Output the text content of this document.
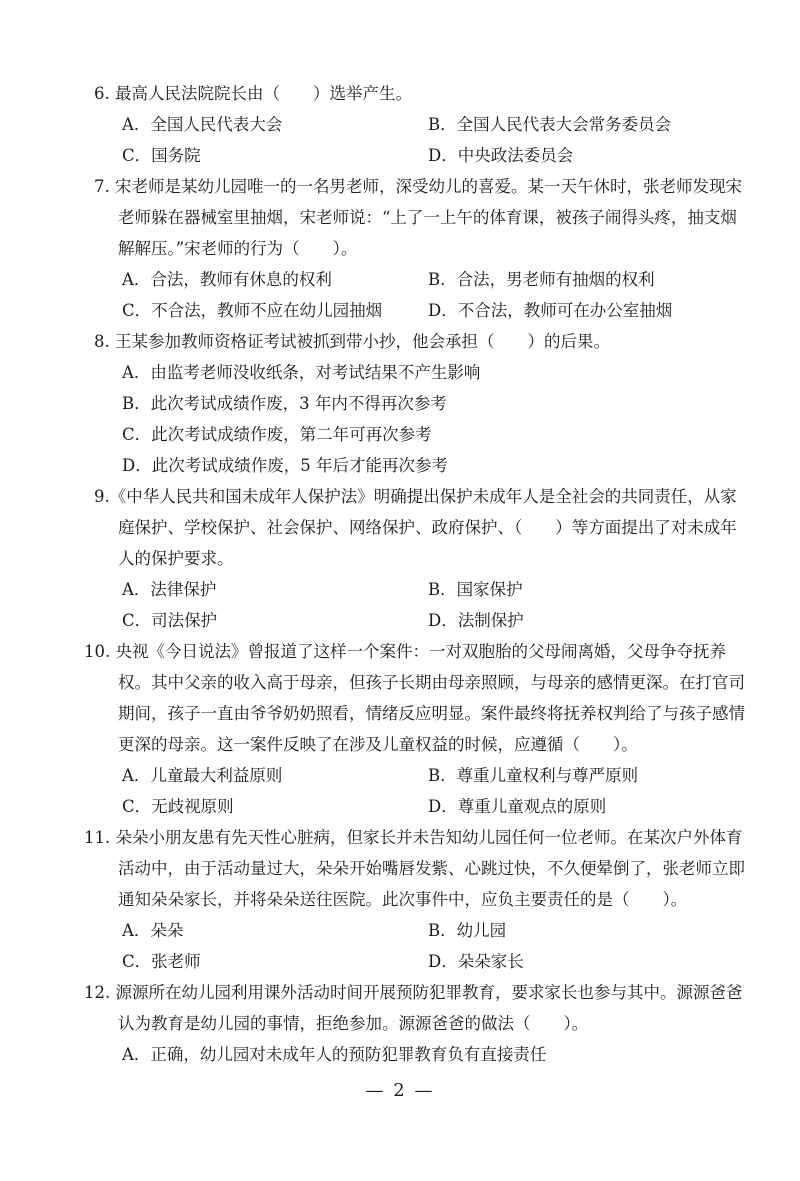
6. 最高人民法院院长由（　　）选举产生。
A．全国人民代表大会	B．全国人民代表大会常务委员会
C．国务院	D．中央政法委员会
7. 宋老师是某幼儿园唯一的一名男老师，深受幼儿的喜爱。某一天午休时，张老师发现宋
老师躲在器械室里抽烟，宋老师说：“上了一上午的体育课，被孩子闹得头疼，抽支烟
解解压。”宋老师的行为（　　）。
A．合法，教师有休息的权利	B．合法，男老师有抽烟的权利
C．不合法，教师不应在幼儿园抽烟	D．不合法，教师可在办公室抽烟
8. 王某参加教师资格证考试被抓到带小抄，他会承担（　　）的后果。
A．由监考老师没收纸条，对考试结果不产生影响
B．此次考试成绩作废，3 年内不得再次参考
C．此次考试成绩作废，第二年可再次参考
D．此次考试成绩作废，5 年后才能再次参考
9.《中华人民共和国未成年人保护法》明确提出保护未成年人是全社会的共同责任，从家
庭保护、学校保护、社会保护、网络保护、政府保护、（　　）等方面提出了对未成年
人的保护要求。
A．法律保护	B．国家保护
C．司法保护	D．法制保护
10. 央视《今日说法》曾报道了这样一个案件：一对双胞胎的父母闹离婚，父母争夺抚养
权。其中父亲的收入高于母亲，但孩子长期由母亲照顾，与母亲的感情更深。在打官司
期间，孩子一直由爷爷奶奶照看，情绪反应明显。案件最终将抚养权判给了与孩子感情
更深的母亲。这一案件反映了在涉及儿童权益的时候，应遵循（　　）。
A．儿童最大利益原则	B．尊重儿童权利与尊严原则
C．无歧视原则	D．尊重儿童观点的原则
11. 朵朵小朋友患有先天性心脏病，但家长并未告知幼儿园任何一位老师。在某次户外体育
活动中，由于活动量过大，朵朵开始嘴唇发紫、心跳过快，不久便晕倒了，张老师立即
通知朵朵家长，并将朵朵送往医院。此次事件中，应负主要责任的是（　　）。
A．朵朵	B．幼儿园
C．张老师	D．朵朵家长
12. 源源所在幼儿园利用课外活动时间开展预防犯罪教育，要求家长也参与其中。源源爸爸
认为教育是幼儿园的事情，拒绝参加。源源爸爸的做法（　　）。
A．正确，幼儿园对未成年人的预防犯罪教育负有直接责任
— 2 —
